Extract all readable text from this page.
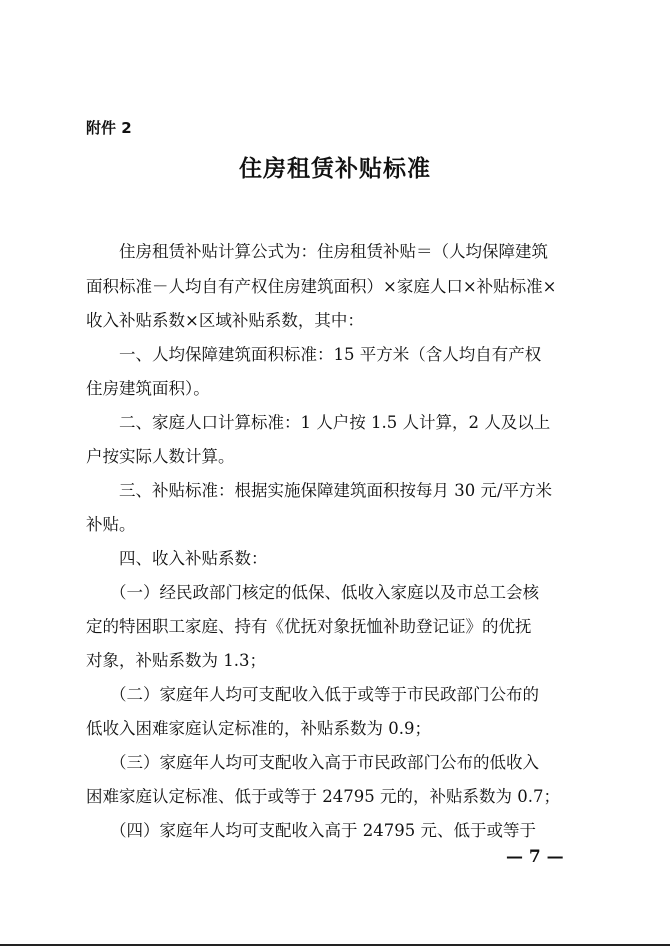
附件 2
住房租赁补贴标准
住房租赁补贴计算公式为：住房租赁补贴＝（人均保障建筑
面积标准－人均自有产权住房建筑面积）×家庭人口×补贴标准×
收入补贴系数×区域补贴系数，其中：
一、人均保障建筑面积标准：15 平方米（含人均自有产权
住房建筑面积）。
二、家庭人口计算标准：1 人户按 1.5 人计算，2 人及以上
户按实际人数计算。
三、补贴标准：根据实施保障建筑面积按每月 30 元/平方米
补贴。
四、收入补贴系数：
（一）经民政部门核定的低保、低收入家庭以及市总工会核
定的特困职工家庭、持有《优抚对象抚恤补助登记证》的优抚
对象，补贴系数为 1.3；
（二）家庭年人均可支配收入低于或等于市民政部门公布的
低收入困难家庭认定标准的，补贴系数为 0.9；
（三）家庭年人均可支配收入高于市民政部门公布的低收入
困难家庭认定标准、低于或等于 24795 元的，补贴系数为 0.7；
（四）家庭年人均可支配收入高于 24795 元、低于或等于
— 7 —
